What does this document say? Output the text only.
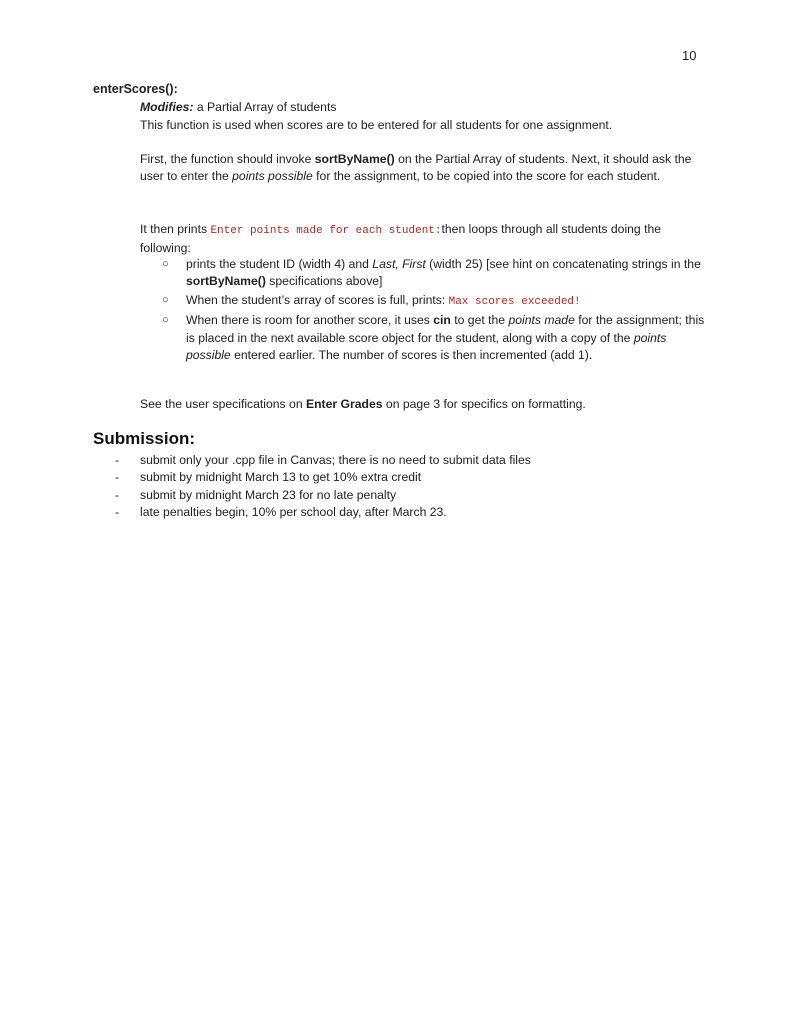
10
enterScores():
Modifies: a Partial Array of students
This function is used when scores are to be entered for all students for one assignment.
First, the function should invoke sortByName() on the Partial Array of students. Next, it should ask the user to enter the points possible for the assignment, to be copied into the score for each student.
It then prints Enter points made for each student:then loops through all students doing the following:
○ prints the student ID (width 4) and Last, First (width 25) [see hint on concatenating strings in the sortByName() specifications above]
○ When the student’s array of scores is full, prints: Max scores exceeded!
○ When there is room for another score, it uses cin to get the points made for the assignment; this is placed in the next available score object for the student, along with a copy of the points possible entered earlier. The number of scores is then incremented (add 1).
See the user specifications on Enter Grades on page 3 for specifics on formatting.
Submission:
- submit only your .cpp file in Canvas; there is no need to submit data files
- submit by midnight March 13 to get 10% extra credit
- submit by midnight March 23 for no late penalty
- late penalties begin, 10% per school day, after March 23.
